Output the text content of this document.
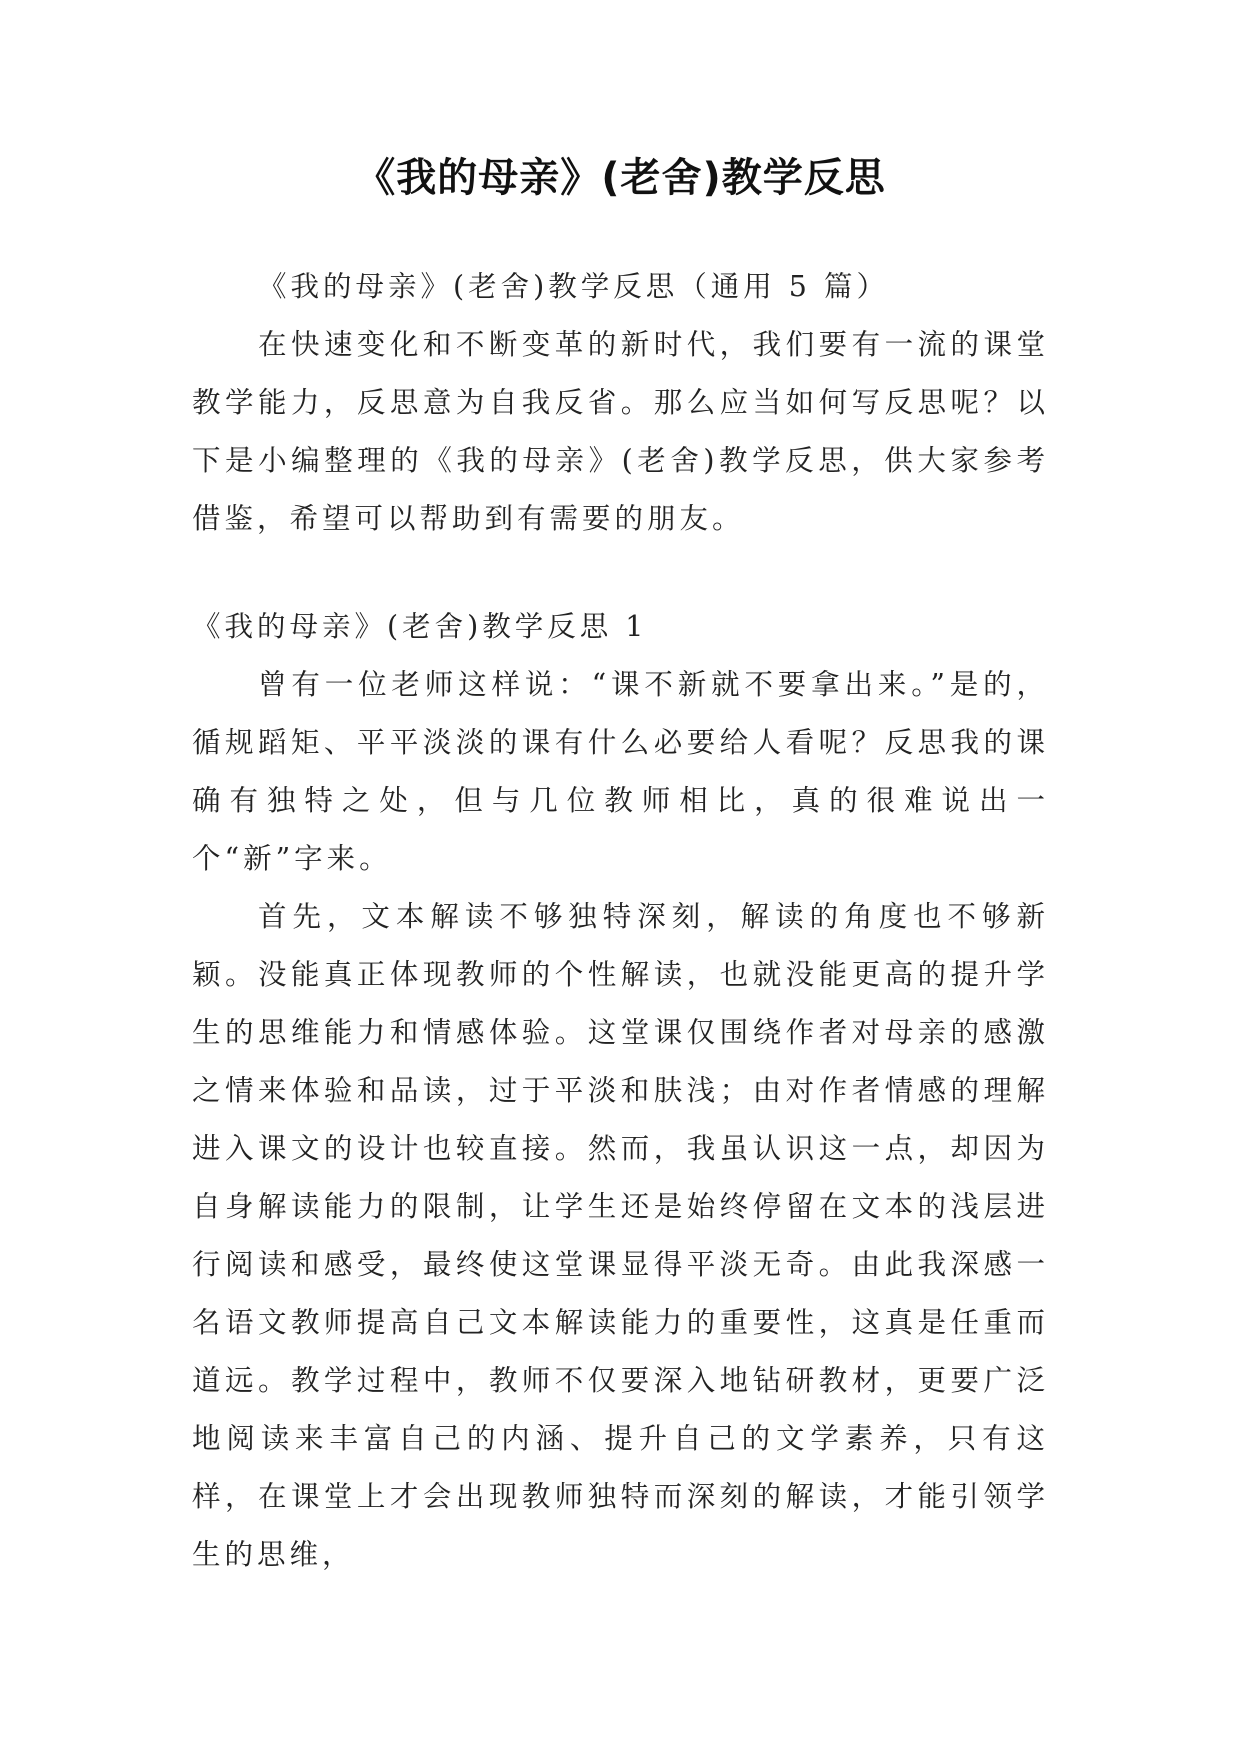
《我的母亲》(老舍)教学反思

《我的母亲》(老舍)教学反思（通用 5 篇）

在快速变化和不断变革的新时代，我们要有一流的课堂教学能力，反思意为自我反省。那么应当如何写反思呢？以下是小编整理的《我的母亲》(老舍)教学反思，供大家参考借鉴，希望可以帮助到有需要的朋友。

《我的母亲》(老舍)教学反思 1

曾有一位老师这样说：“课不新就不要拿出来。”是的，循规蹈矩、平平淡淡的课有什么必要给人看呢？反思我的课确有独特之处，但与几位教师相比，真的很难说出一个“新”字来。

首先，文本解读不够独特深刻，解读的角度也不够新颖。没能真正体现教师的个性解读，也就没能更高的提升学生的思维能力和情感体验。这堂课仅围绕作者对母亲的感激之情来体验和品读，过于平淡和肤浅；由对作者情感的理解进入课文的设计也较直接。然而，我虽认识这一点，却因为自身解读能力的限制，让学生还是始终停留在文本的浅层进行阅读和感受，最终使这堂课显得平淡无奇。由此我深感一名语文教师提高自己文本解读能力的重要性，这真是任重而道远。教学过程中，教师不仅要深入地钻研教材，更要广泛地阅读来丰富自己的内涵、提升自己的文学素养，只有这样，在课堂上才会出现教师独特而深刻的解读，才能引领学生的思维，
